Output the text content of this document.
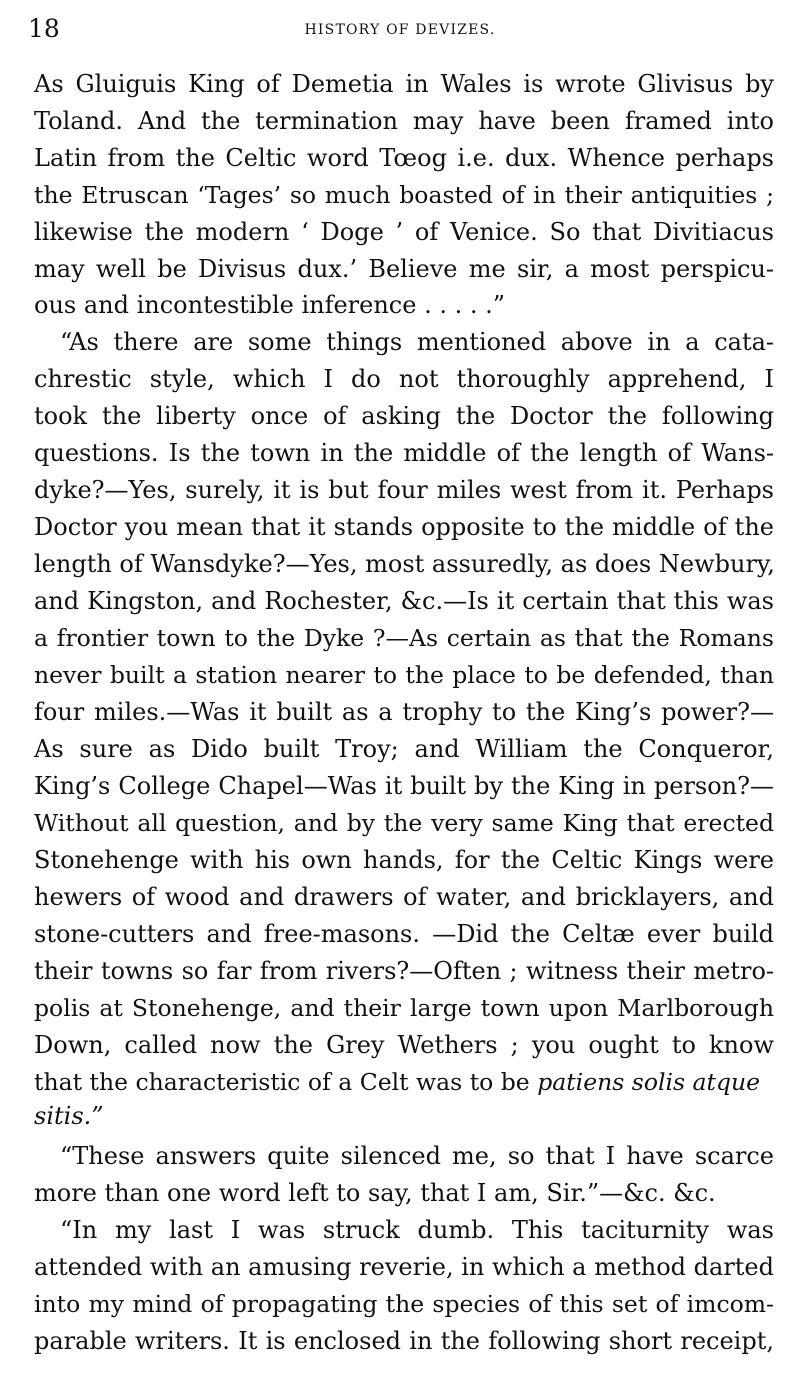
18	HISTORY OF DEVIZES.
As Gluiguis King of Demetia in Wales is wrote Glivisus by
Toland. And the termination may have been framed into
Latin from the Celtic word Tœog i.e. dux. Whence perhaps
the Etruscan ‘Tages’ so much boasted of in their antiquities ;
likewise the modern ‘ Doge ’ of Venice. So that Divitiacus
may well be Divisus dux.’ Believe me sir, a most perspicu-
ous and incontestible inference . . . . .”
“As there are some things mentioned above in a cata-
chrestic style, which I do not thoroughly apprehend, I
took the liberty once of asking the Doctor the following
questions. Is the town in the middle of the length of Wans-
dyke?—Yes, surely, it is but four miles west from it. Perhaps
Doctor you mean that it stands opposite to the middle of the
length of Wansdyke?—Yes, most assuredly, as does Newbury,
and Kingston, and Rochester, &c.—Is it certain that this was
a frontier town to the Dyke ?—As certain as that the Romans
never built a station nearer to the place to be defended, than
four miles.—Was it built as a trophy to the King’s power?—
As sure as Dido built Troy; and William the Conqueror,
King’s College Chapel—Was it built by the King in person?—
Without all question, and by the very same King that erected
Stonehenge with his own hands, for the Celtic Kings were
hewers of wood and drawers of water, and bricklayers, and
stone-cutters and free-masons. —Did the Celtæ ever build
their towns so far from rivers?—Often ; witness their metro-
polis at Stonehenge, and their large town upon Marlborough
Down, called now the Grey Wethers ; you ought to know
that the characteristic of a Celt was to be patiens solis atque
sitis.”
“These answers quite silenced me, so that I have scarce
more than one word left to say, that I am, Sir.”—&c. &c.
“In my last I was struck dumb. This taciturnity was
attended with an amusing reverie, in which a method darted
into my mind of propagating the species of this set of imcom-
parable writers. It is enclosed in the following short receipt,
